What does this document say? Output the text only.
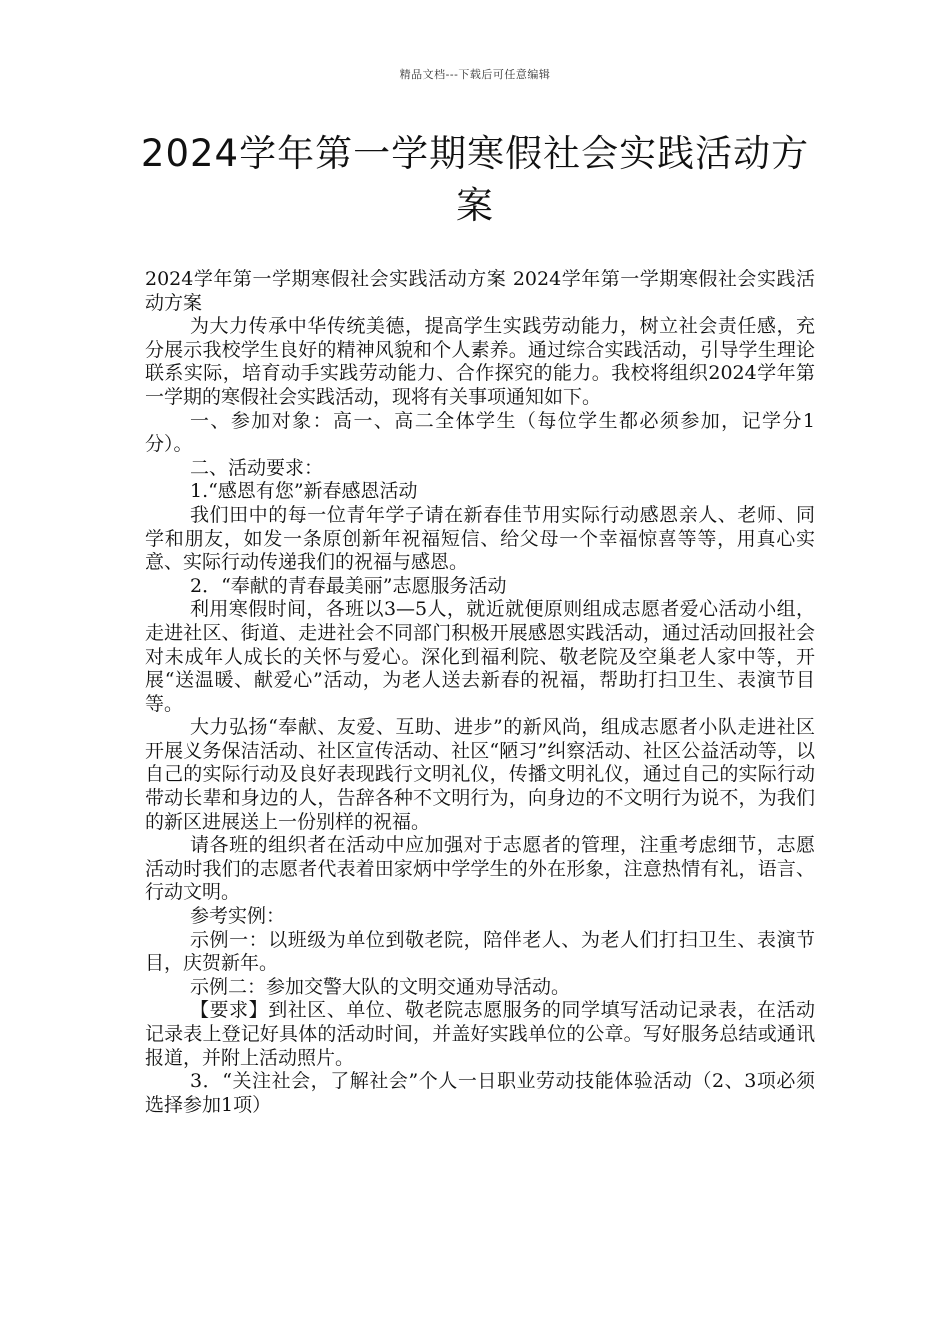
精品文档---下载后可任意编辑
2024学年第一学期寒假社会实践活动方案

2024学年第一学期寒假社会实践活动方案 2024学年第一学期寒假社会实践活动方案

为大力传承中华传统美德，提高学生实践劳动能力，树立社会责任感，充分展示我校学生良好的精神风貌和个人素养。通过综合实践活动，引导学生理论联系实际，培育动手实践劳动能力、合作探究的能力。我校将组织2024学年第一学期的寒假社会实践活动，现将有关事项通知如下。

一、参加对象：高一、高二全体学生（每位学生都必须参加，记学分1分）。

二、活动要求：

1.“感恩有您”新春感恩活动

我们田中的每一位青年学子请在新春佳节用实际行动感恩亲人、老师、同学和朋友，如发一条原创新年祝福短信、给父母一个幸福惊喜等等，用真心实意、实际行动传递我们的祝福与感恩。

2．“奉献的青春最美丽”志愿服务活动

利用寒假时间，各班以3—5人，就近就便原则组成志愿者爱心活动小组，走进社区、街道、走进社会不同部门积极开展感恩实践活动，通过活动回报社会对未成年人成长的关怀与爱心。深化到福利院、敬老院及空巢老人家中等，开展“送温暖、献爱心”活动，为老人送去新春的祝福，帮助打扫卫生、表演节目等。

大力弘扬“奉献、友爱、互助、进步”的新风尚，组成志愿者小队走进社区开展义务保洁活动、社区宣传活动、社区“陋习”纠察活动、社区公益活动等，以自己的实际行动及良好表现践行文明礼仪，传播文明礼仪，通过自己的实际行动带动长辈和身边的人，告辞各种不文明行为，向身边的不文明行为说不，为我们的新区进展送上一份别样的祝福。

请各班的组织者在活动中应加强对于志愿者的管理，注重考虑细节，志愿活动时我们的志愿者代表着田家炳中学学生的外在形象，注意热情有礼，语言、行动文明。

参考实例：

示例一：以班级为单位到敬老院，陪伴老人、为老人们打扫卫生、表演节目，庆贺新年。

示例二：参加交警大队的文明交通劝导活动。

【要求】到社区、单位、敬老院志愿服务的同学填写活动记录表，在活动记录表上登记好具体的活动时间，并盖好实践单位的公章。写好服务总结或通讯报道，并附上活动照片。

3．“关注社会，了解社会”个人一日职业劳动技能体验活动（2、3项必须选择参加1项）
